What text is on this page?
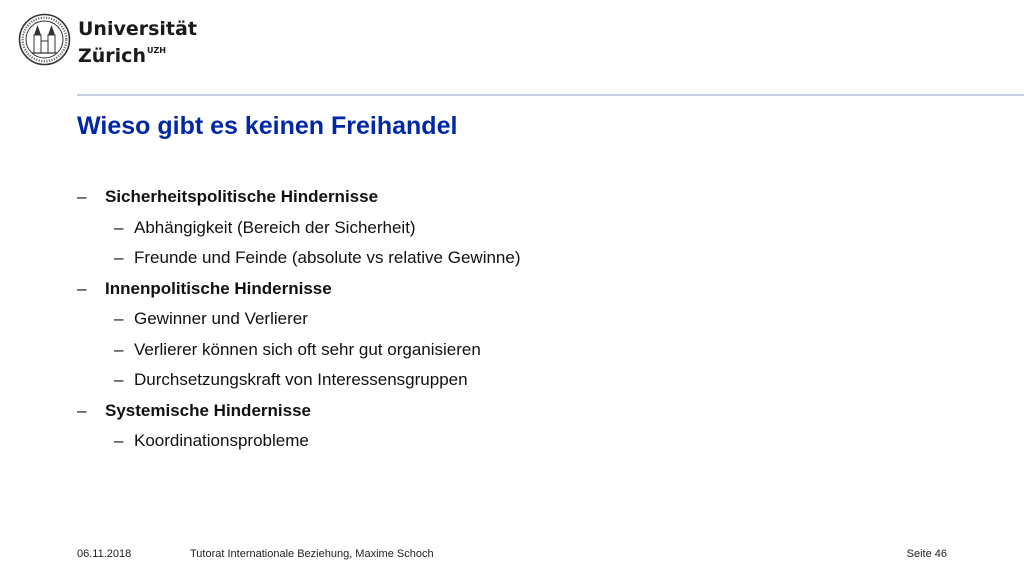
Universität
Zürich$^{UZH}$
Wieso gibt es keinen Freihandel
– Sicherheitspolitische Hindernisse
– Abhängigkeit (Bereich der Sicherheit)
– Freunde und Feinde (absolute vs relative Gewinne)
– Innenpolitische Hindernisse
– Gewinner und Verlierer
– Verlierer können sich oft sehr gut organisieren
– Durchsetzungskraft von Interessensgruppen
– Systemische Hindernisse
– Koordinationsprobleme
06.11.2018	Tutorat Internationale Beziehung, Maxime Schoch	Seite 46
